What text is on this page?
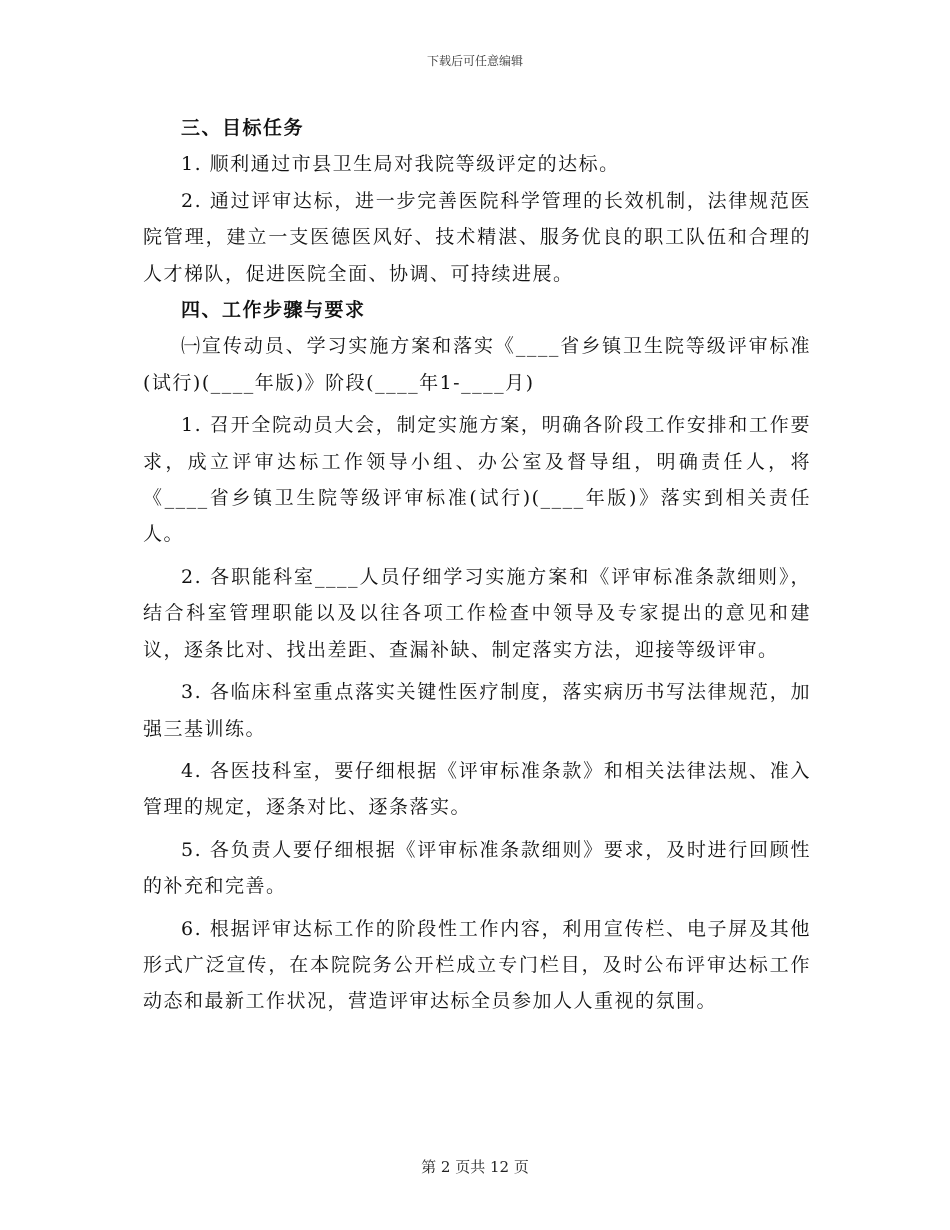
下载后可任意编辑

三、目标任务

1. 顺利通过市县卫生局对我院等级评定的达标。

2. 通过评审达标，进一步完善医院科学管理的长效机制，法律规范医院管理，建立一支医德医风好、技术精湛、服务优良的职工队伍和合理的人才梯队，促进医院全面、协调、可持续进展。

四、工作步骤与要求

㈠宣传动员、学习实施方案和落实《____省乡镇卫生院等级评审标准(试行)(____年版)》阶段(____年1-____月)

1. 召开全院动员大会，制定实施方案，明确各阶段工作安排和工作要求，成立评审达标工作领导小组、办公室及督导组，明确责任人，将《____省乡镇卫生院等级评审标准(试行)(____年版)》落实到相关责任人。

2. 各职能科室____人员仔细学习实施方案和《评审标准条款细则》，结合科室管理职能以及以往各项工作检查中领导及专家提出的意见和建议，逐条比对、找出差距、查漏补缺、制定落实方法，迎接等级评审。

3. 各临床科室重点落实关键性医疗制度，落实病历书写法律规范，加强三基训练。

4. 各医技科室，要仔细根据《评审标准条款》和相关法律法规、准入管理的规定，逐条对比、逐条落实。

5. 各负责人要仔细根据《评审标准条款细则》要求，及时进行回顾性的补充和完善。

6. 根据评审达标工作的阶段性工作内容，利用宣传栏、电子屏及其他形式广泛宣传，在本院院务公开栏成立专门栏目，及时公布评审达标工作动态和最新工作状况，营造评审达标全员参加人人重视的氛围。

第 2 页共 12 页
